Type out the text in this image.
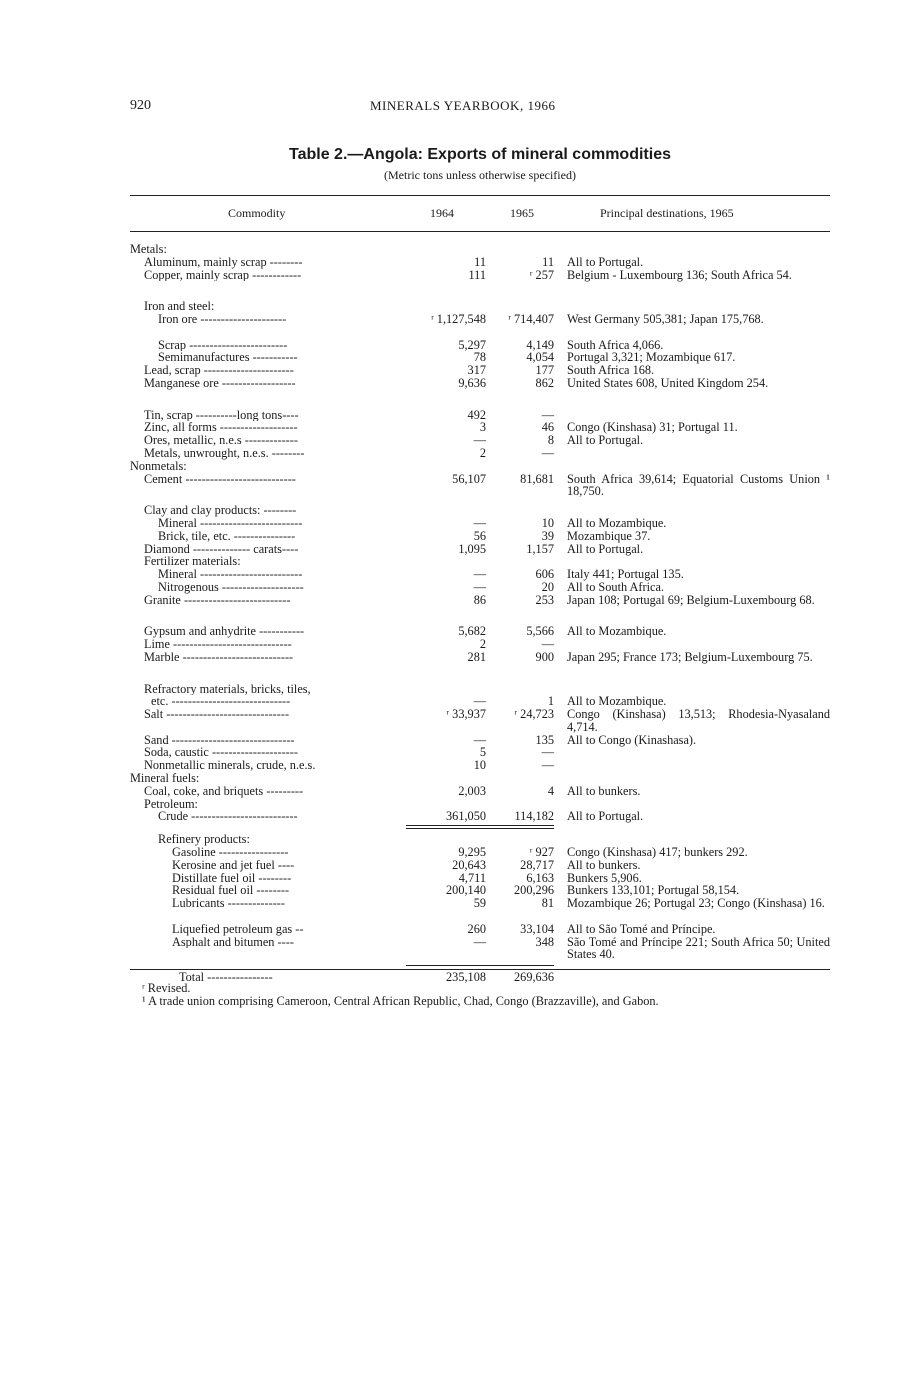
920	MINERALS YEARBOOK, 1966
Table 2.—Angola: Exports of mineral commodities
(Metric tons unless otherwise specified)
Commodity	1964	1965	Principal destinations, 1965
Metals:
Aluminum, mainly scrap --------	11	11 All to Portugal.
Copper, mainly scrap ------------	111	ʳ 257 Belgium - Luxembourg 136; South Africa 54.
Iron and steel:
Iron ore ---------------------	ʳ 1,127,548	ʳ 714,407 West Germany 505,381; Japan 175,768.
Scrap ------------------------	5,297	4,149 South Africa 4,066.
Semimanufactures -----------	78	4,054 Portugal 3,321; Mozambique 617.
Lead, scrap ----------------------	317	177 South Africa 168.
Manganese ore ------------------	9,636	862 United States 608, United Kingdom 254.
Tin, scrap ----------long tons----	492	—
Zinc, all forms -------------------	3	46 Congo (Kinshasa) 31; Portugal 11.
Ores, metallic, n.e.s -------------	—	8 All to Portugal.
Metals, unwrought, n.e.s. --------	2	—
Nonmetals:
Cement ---------------------------	56,107	81,681 South Africa 39,614; Equatorial Customs Union ¹ 18,750.
Clay and clay products: --------
Mineral -------------------------	—	10 All to Mozambique.
Brick, tile, etc. ---------------	56	39 Mozambique 37.
Diamond -------------- carats----	1,095	1,157 All to Portugal.
Fertilizer materials:
Mineral -------------------------	—	606 Italy 441; Portugal 135.
Nitrogenous --------------------	—	20 All to South Africa.
Granite --------------------------	86	253 Japan 108; Portugal 69; Belgium-Luxembourg 68.
Gypsum and anhydrite -----------	5,682	5,566 All to Mozambique.
Lime -----------------------------	2	—
Marble ---------------------------	281	900 Japan 295; France 173; Belgium-Luxembourg 75.
Refractory materials, bricks, tiles,
etc. -----------------------------	—	1 All to Mozambique.
Salt ------------------------------	ʳ 33,937	ʳ 24,723 Congo (Kinshasa) 13,513; Rhodesia-Nyasaland 4,714.
Sand ------------------------------	—	135 All to Congo (Kinashasa).
Soda, caustic ---------------------	5	—
Nonmetallic minerals, crude, n.e.s.	10	—
Mineral fuels:
Coal, coke, and briquets ---------	2,003	4 All to bunkers.
Petroleum:
Crude --------------------------	361,050	114,182 All to Portugal.
Refinery products:
Gasoline -----------------	9,295	ʳ 927 Congo (Kinshasa) 417; bunkers 292.
Kerosine and jet fuel ----	20,643	28,717 All to bunkers.
Distillate fuel oil --------	4,711	6,163 Bunkers 5,906.
Residual fuel oil --------	200,140	200,296 Bunkers 133,101; Portugal 58,154.
Lubricants --------------	59	81 Mozambique 26; Portugal 23; Congo (Kinshasa) 16.
Liquefied petroleum gas --	260	33,104 All to São Tomé and Príncipe.
Asphalt and bitumen ----	—	348 São Tomé and Príncipe 221; South Africa 50; United States 40.
Total ----------------	235,108	269,636
ʳ Revised.
¹ A trade union comprising Cameroon, Central African Republic, Chad, Congo (Brazzaville), and Gabon.
